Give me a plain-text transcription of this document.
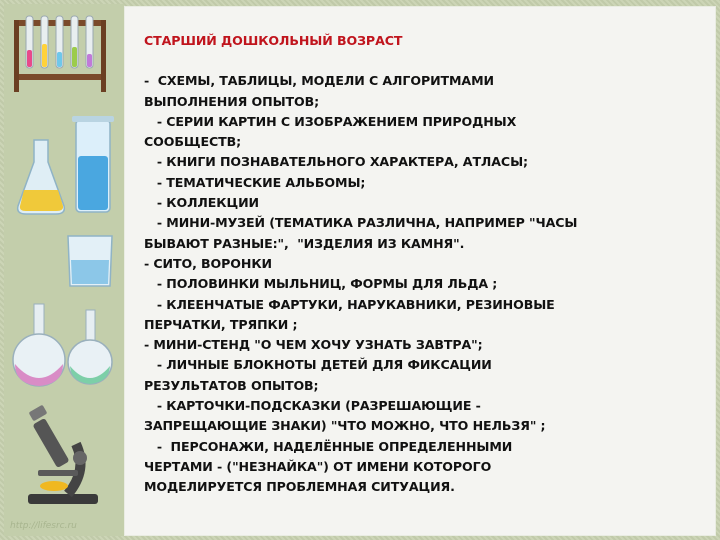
http://lifesrc.ru
СТАРШИЙ ДОШКОЛЬНЫЙ ВОЗРАСТ
-  СХЕМЫ, ТАБЛИЦЫ, МОДЕЛИ С АЛГОРИТМАМИ
ВЫПОЛНЕНИЯ ОПЫТОВ;
- СЕРИИ КАРТИН С ИЗОБРАЖЕНИЕМ ПРИРОДНЫХ
СООБЩЕСТВ;
- КНИГИ ПОЗНАВАТЕЛЬНОГО ХАРАКТЕРА, АТЛАСЫ;
- ТЕМАТИЧЕСКИЕ АЛЬБОМЫ;
- КОЛЛЕКЦИИ
- МИНИ-МУЗЕЙ (ТЕМАТИКА РАЗЛИЧНА, НАПРИМЕР "ЧАСЫ
БЫВАЮТ РАЗНЫЕ:",  "ИЗДЕЛИЯ ИЗ КАМНЯ".
- СИТО, ВОРОНКИ
- ПОЛОВИНКИ МЫЛЬНИЦ, ФОРМЫ ДЛЯ ЛЬДА ;
- КЛЕЕНЧАТЫЕ ФАРТУКИ, НАРУКАВНИКИ, РЕЗИНОВЫЕ
ПЕРЧАТКИ, ТРЯПКИ ;
- МИНИ-СТЕНД "О ЧЕМ ХОЧУ УЗНАТЬ ЗАВТРА";
- ЛИЧНЫЕ БЛОКНОТЫ ДЕТЕЙ ДЛЯ ФИКСАЦИИ
РЕЗУЛЬТАТОВ ОПЫТОВ;
- КАРТОЧКИ-ПОДСКАЗКИ (РАЗРЕШАЮЩИЕ -
ЗАПРЕЩАЮЩИЕ ЗНАКИ) "ЧТО МОЖНО, ЧТО НЕЛЬЗЯ" ;
-  ПЕРСОНАЖИ, НАДЕЛЁННЫЕ ОПРЕДЕЛЕННЫМИ
ЧЕРТАМИ - ("НЕЗНАЙКА") ОТ ИМЕНИ КОТОРОГО
МОДЕЛИРУЕТСЯ ПРОБЛЕМНАЯ СИТУАЦИЯ.
